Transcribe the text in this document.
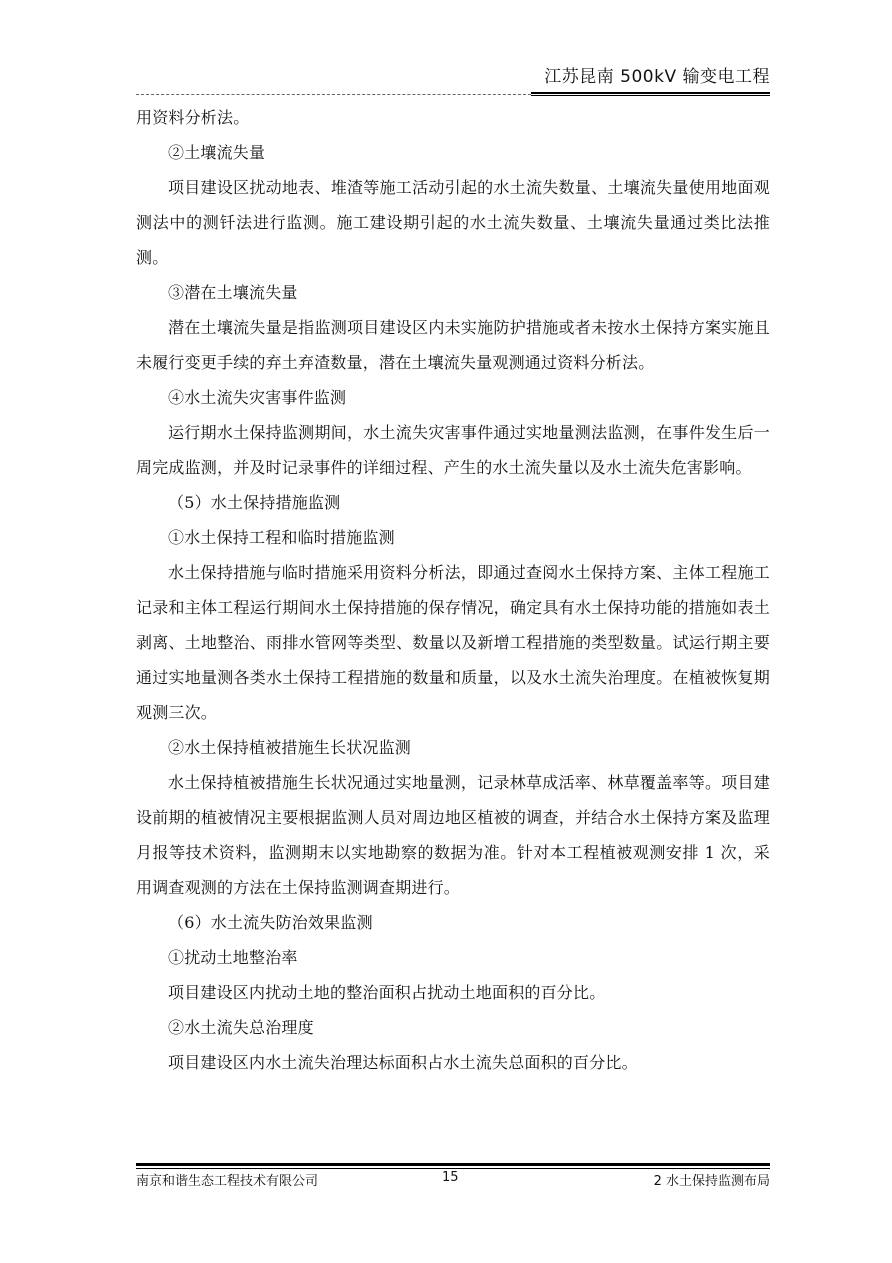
江苏昆南 500kV 输变电工程

用资料分析法。

②土壤流失量

项目建设区扰动地表、堆渣等施工活动引起的水土流失数量、土壤流失量使用地面观测法中的测钎法进行监测。施工建设期引起的水土流失数量、土壤流失量通过类比法推测。

③潜在土壤流失量

潜在土壤流失量是指监测项目建设区内未实施防护措施或者未按水土保持方案实施且未履行变更手续的弃土弃渣数量，潜在土壤流失量观测通过资料分析法。

④水土流失灾害事件监测

运行期水土保持监测期间，水土流失灾害事件通过实地量测法监测，在事件发生后一周完成监测，并及时记录事件的详细过程、产生的水土流失量以及水土流失危害影响。

（5）水土保持措施监测

①水土保持工程和临时措施监测

水土保持措施与临时措施采用资料分析法，即通过查阅水土保持方案、主体工程施工记录和主体工程运行期间水土保持措施的保存情况，确定具有水土保持功能的措施如表土剥离、土地整治、雨排水管网等类型、数量以及新增工程措施的类型数量。试运行期主要通过实地量测各类水土保持工程措施的数量和质量，以及水土流失治理度。在植被恢复期观测三次。

②水土保持植被措施生长状况监测

水土保持植被措施生长状况通过实地量测，记录林草成活率、林草覆盖率等。项目建设前期的植被情况主要根据监测人员对周边地区植被的调查，并结合水土保持方案及监理月报等技术资料，监测期末以实地勘察的数据为准。针对本工程植被观测安排 1 次，采用调查观测的方法在土保持监测调查期进行。

（6）水土流失防治效果监测

①扰动土地整治率

项目建设区内扰动土地的整治面积占扰动土地面积的百分比。

②水土流失总治理度

项目建设区内水土流失治理达标面积占水土流失总面积的百分比。

南京和谐生态工程技术有限公司	15	2 水土保持监测布局
